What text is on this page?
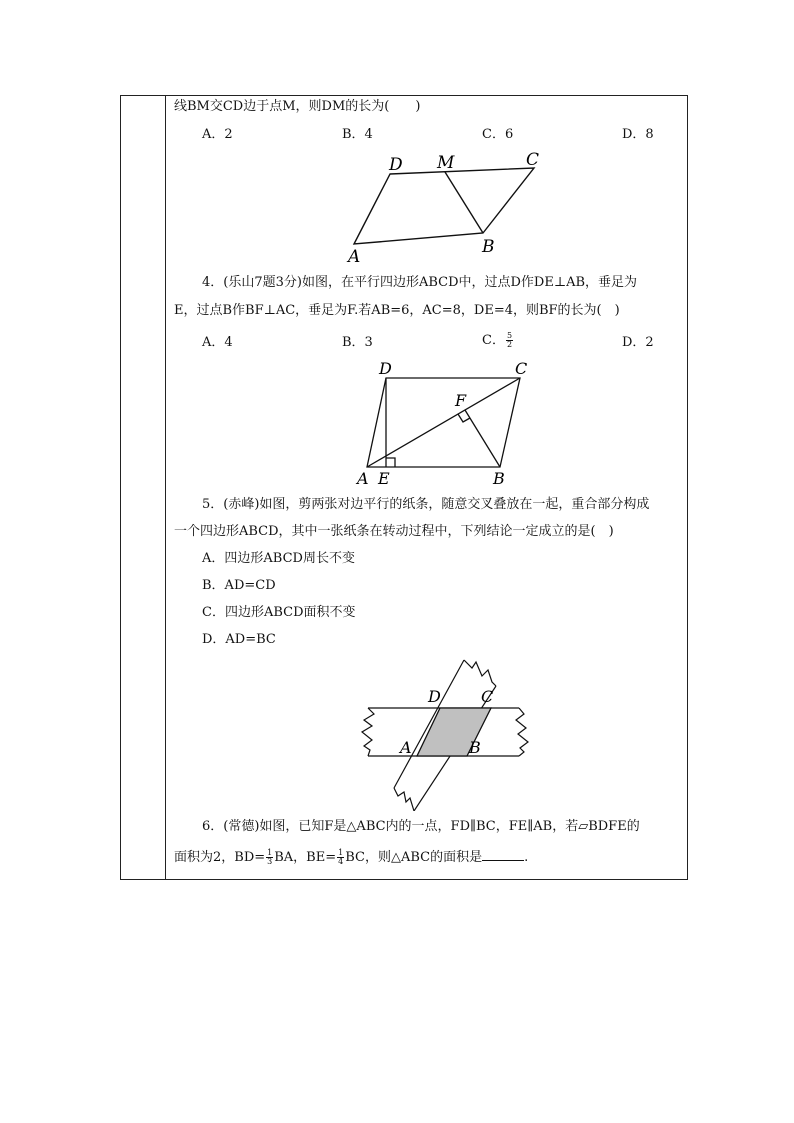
线BM交CD边于点M，则DM的长为(　　)
A．2	B．4	C．6	D．8
D M	C
A	B
4．(乐山7题3分)如图，在平行四边形ABCD中，过点D作DE⊥AB，垂足为
E，过点B作BF⊥AC，垂足为F.若AB=6，AC=8，DE=4，则BF的长为(　)
A．4	B．3	C． $\frac{5}{2}$	D．2
D	C
F
A E	B
5．(赤峰)如图，剪两张对边平行的纸条，随意交叉叠放在一起，重合部分构成
一个四边形ABCD，其中一张纸条在转动过程中，下列结论一定成立的是(　)
A．四边形ABCD周长不变
B．AD=CD
C．四边形ABCD面积不变
D．AD=BC
D	C
A	B
6．(常德)如图，已知F是△ABC内的一点，FD∥BC，FE∥AB，若▱BDFE的
面积为2，$BD= \frac{1}{3}$ BA，$BE= \frac{1}{4}$ BC，则△ABC的面积是	.
